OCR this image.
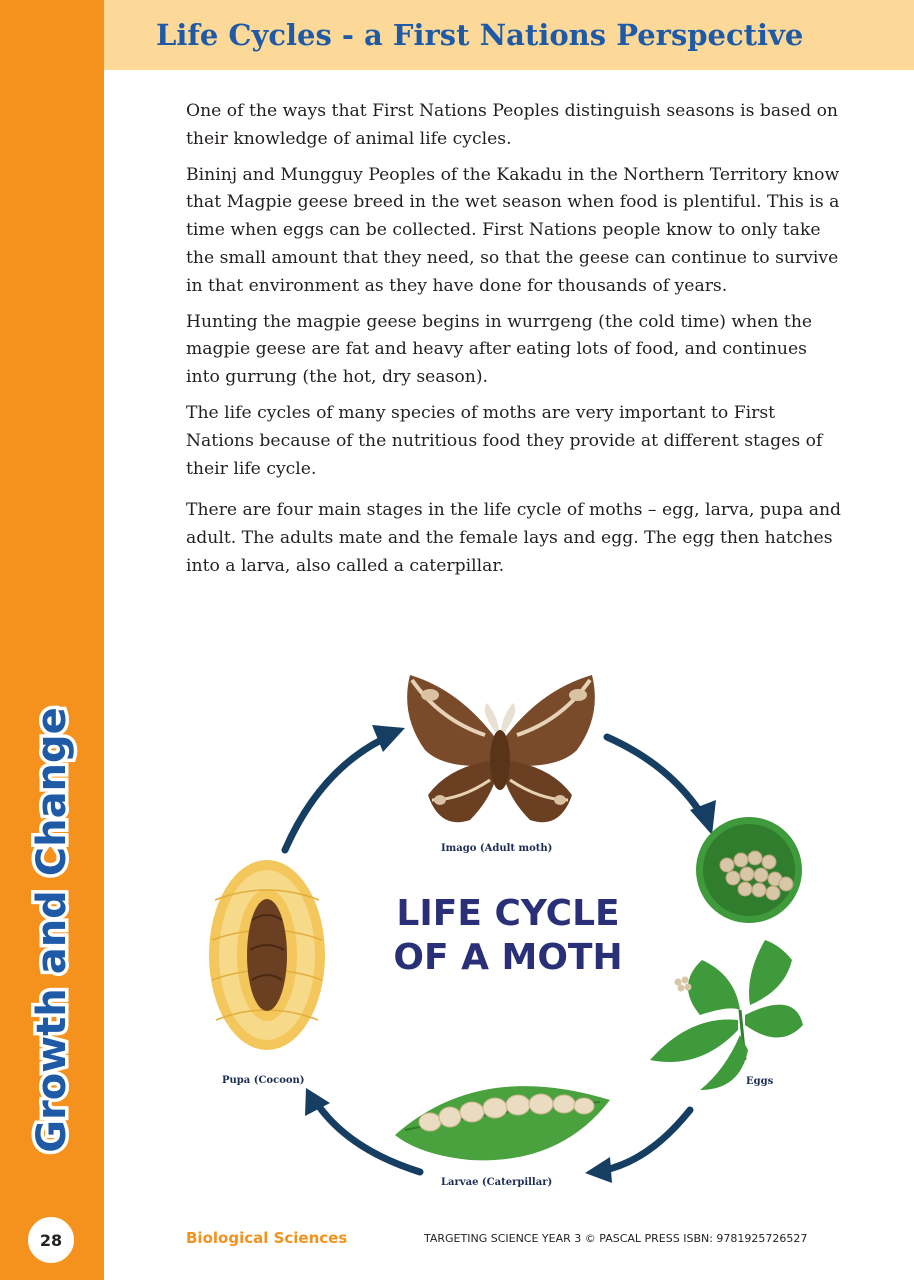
Life Cycles - a First Nations Perspective
Growth and Change
28

One of the ways that First Nations Peoples distinguish seasons is based on their knowledge of animal life cycles.

Bininj and Mungguy Peoples of the Kakadu in the Northern Territory know that Magpie geese breed in the wet season when food is plentiful. This is a time when eggs can be collected. First Nations people know to only take the small amount that they need, so that the geese can continue to survive in that environment as they have done for thousands of years.

Hunting the magpie geese begins in wurrgeng (the cold time) when the magpie geese are fat and heavy after eating lots of food, and continues into gurrung (the hot, dry season).

The life cycles of many species of moths are very important to First Nations because of the nutritious food they provide at different stages of their life cycle.

There are four main stages in the life cycle of moths – egg, larva, pupa and adult. The adults mate and the female lays and egg. The egg then hatches into a larva, also called a caterpillar.

Imago (Adult moth)
Eggs
Larvae (Caterpillar)
Pupa (Cocoon)
LIFE CYCLE
OF A MOTH
Biological Sciences	TARGETING SCIENCE YEAR 3 © PASCAL PRESS ISBN: 9781925726527
